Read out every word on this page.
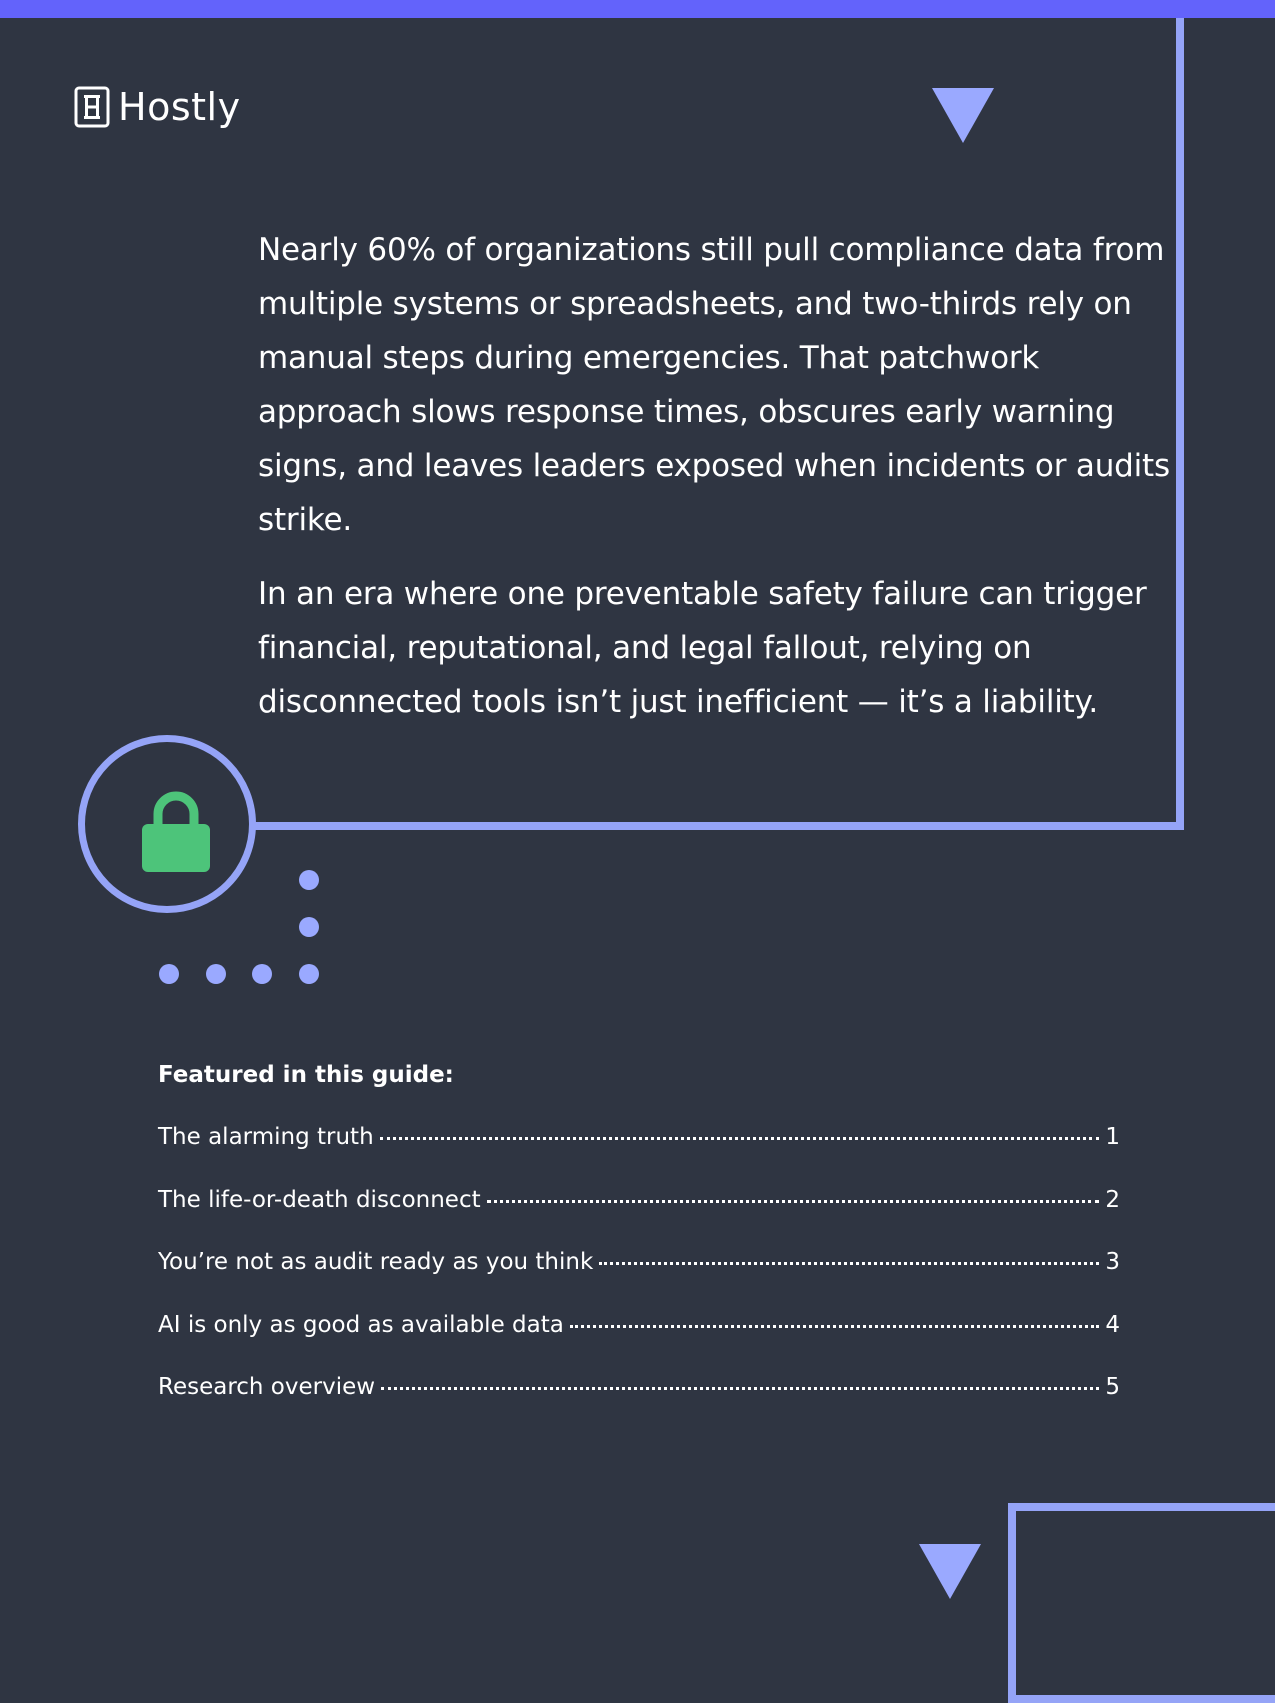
Hostly

Nearly 60% of organizations still pull compliance data from multiple systems or spreadsheets, and two-thirds rely on manual steps during emergencies. That patchwork approach slows response times, obscures early warning signs, and leaves leaders exposed when incidents or audits strike.

In an era where one preventable safety failure can trigger financial, reputational, and legal fallout, relying on disconnected tools isn’t just inefficient — it’s a liability.

Featured in this guide:
The alarming truth	1
The life-or-death disconnect	2
You’re not as audit ready as you think	3
AI is only as good as available data	4
Research overview	5
